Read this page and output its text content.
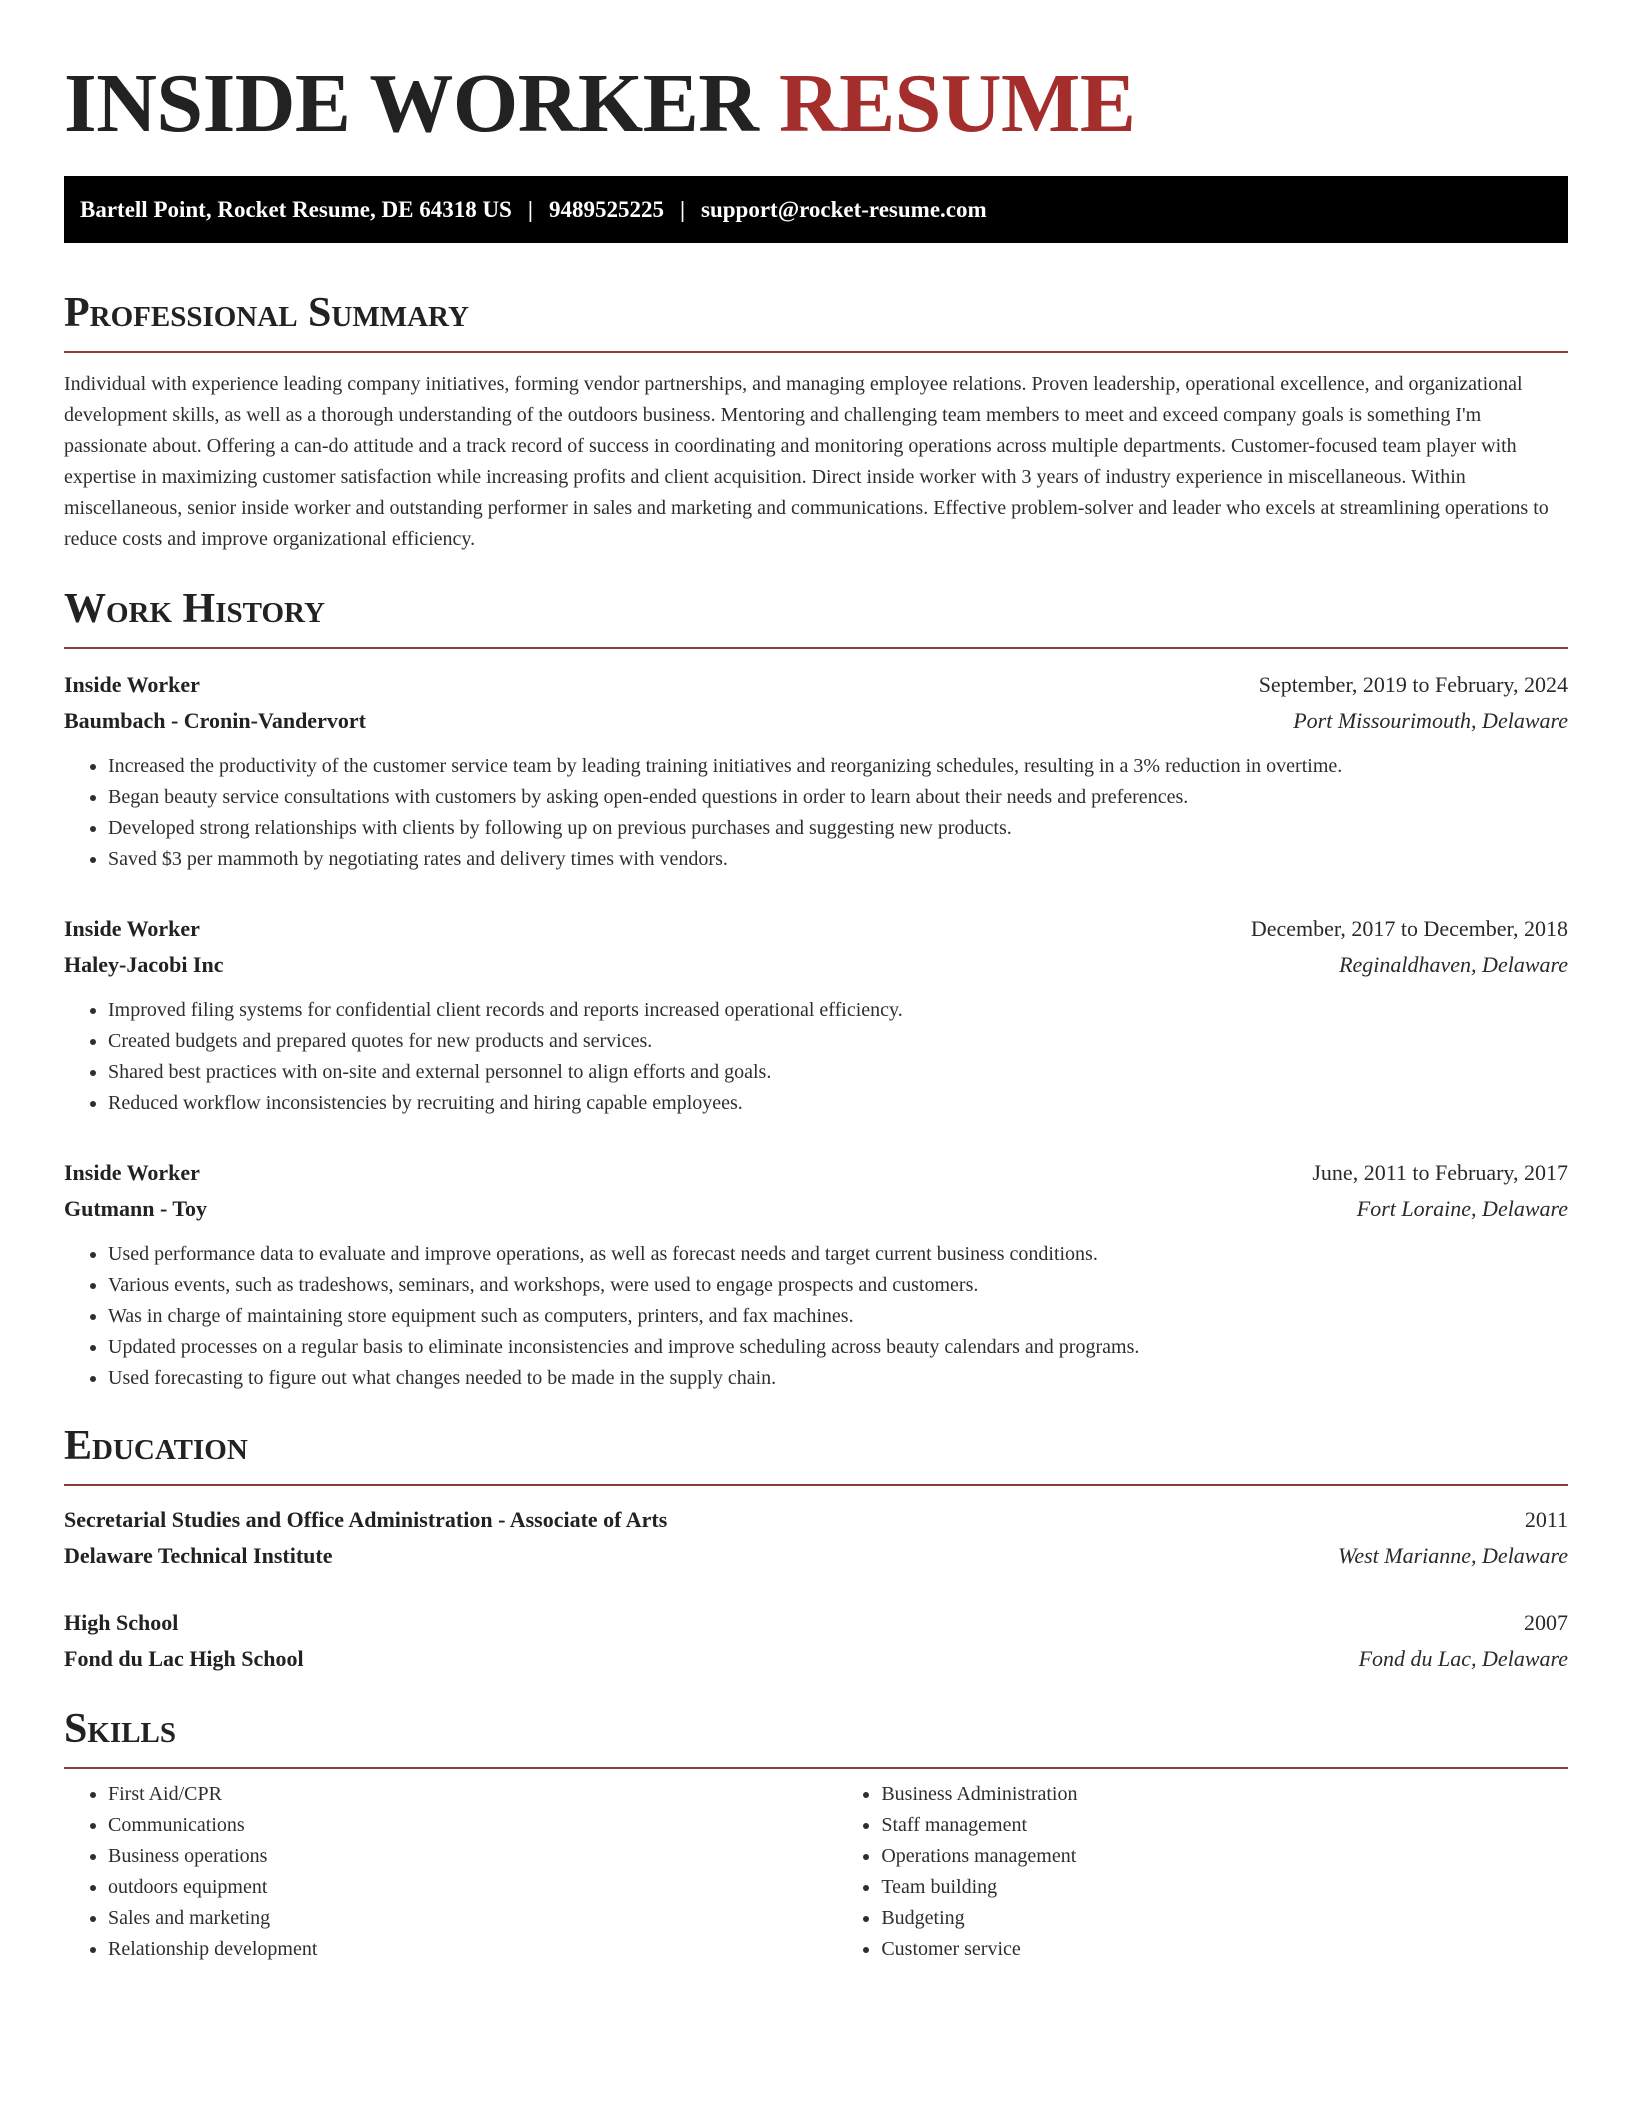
INSIDE WORKER RESUME
Bartell Point, Rocket Resume, DE 64318 US | 9489525225 | support@rocket-resume.com
Professional Summary

Individual with experience leading company initiatives, forming vendor partnerships, and managing employee relations. Proven leadership, operational excellence, and organizational development skills, as well as a thorough understanding of the outdoors business. Mentoring and challenging team members to meet and exceed company goals is something I'm passionate about. Offering a can-do attitude and a track record of success in coordinating and monitoring operations across multiple departments. Customer-focused team player with expertise in maximizing customer satisfaction while increasing profits and client acquisition. Direct inside worker with 3 years of industry experience in miscellaneous. Within miscellaneous, senior inside worker and outstanding performer in sales and marketing and communications. Effective problem-solver and leader who excels at streamlining operations to reduce costs and improve organizational efficiency.

Work History
Inside Worker	September, 2019 to February, 2024
Baumbach - Cronin-Vandervort	Port Missourimouth, Delaware
• Increased the productivity of the customer service team by leading training initiatives and reorganizing schedules, resulting in a 3% reduction in overtime.
• Began beauty service consultations with customers by asking open-ended questions in order to learn about their needs and preferences.
• Developed strong relationships with clients by following up on previous purchases and suggesting new products.
• Saved $3 per mammoth by negotiating rates and delivery times with vendors.
Inside Worker	December, 2017 to December, 2018
Haley-Jacobi Inc	Reginaldhaven, Delaware
• Improved filing systems for confidential client records and reports increased operational efficiency.
• Created budgets and prepared quotes for new products and services.
• Shared best practices with on-site and external personnel to align efforts and goals.
• Reduced workflow inconsistencies by recruiting and hiring capable employees.
Inside Worker	June, 2011 to February, 2017
Gutmann - Toy	Fort Loraine, Delaware
• Used performance data to evaluate and improve operations, as well as forecast needs and target current business conditions.
• Various events, such as tradeshows, seminars, and workshops, were used to engage prospects and customers.
• Was in charge of maintaining store equipment such as computers, printers, and fax machines.
• Updated processes on a regular basis to eliminate inconsistencies and improve scheduling across beauty calendars and programs.
• Used forecasting to figure out what changes needed to be made in the supply chain.
Education
Secretarial Studies and Office Administration - Associate of Arts	2011
Delaware Technical Institute	West Marianne, Delaware
High School	2007
Fond du Lac High School	Fond du Lac, Delaware
Skills
• First Aid/CPR
• Communications
• Business operations
• outdoors equipment
• Sales and marketing
• Relationship development
• Business Administration
• Staff management
• Operations management
• Team building
• Budgeting
• Customer service
